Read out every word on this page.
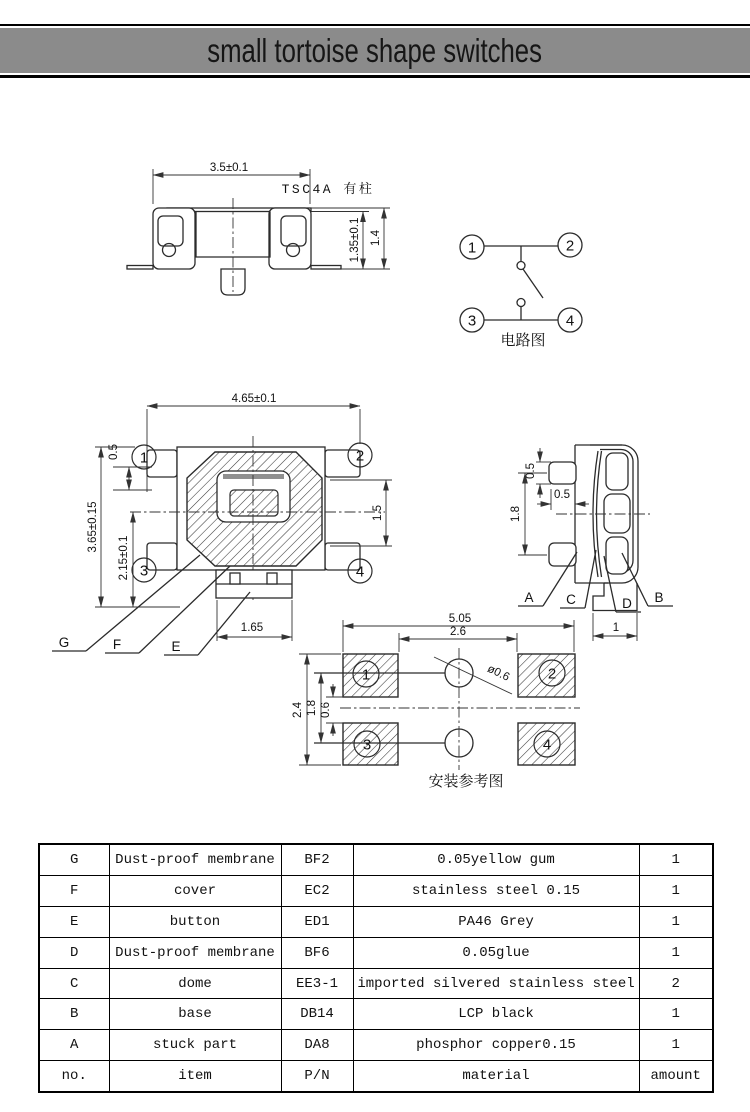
small tortoise shape switches
3.5±0.1
TSC4A 有柱
1.35±0.1 1.4
1	2
3	4
电路图
4.65±0.1
1	2
3	4
3.65±0.15
0.5
2.15±0.1
1.5
1.65
G	F	E
0.5
0.5
1.8
1
A C	D B
1	2
3	4
ø0.6
5.05
2.6
2.4 1.8 0.6
安装参考图
G	Dust-proof membrane	BF2	0.05yellow gum	1
F	cover	EC2	stainless steel 0.15	1
E	button	ED1	PA46 Grey	1
D	Dust-proof membrane	BF6	0.05glue	1
C	dome	EE3-1	imported silvered stainless steel	2
B	base	DB14	LCP black	1
A	stuck part	DA8	phosphor copper0.15	1
no.	item	P/N	material	amount
